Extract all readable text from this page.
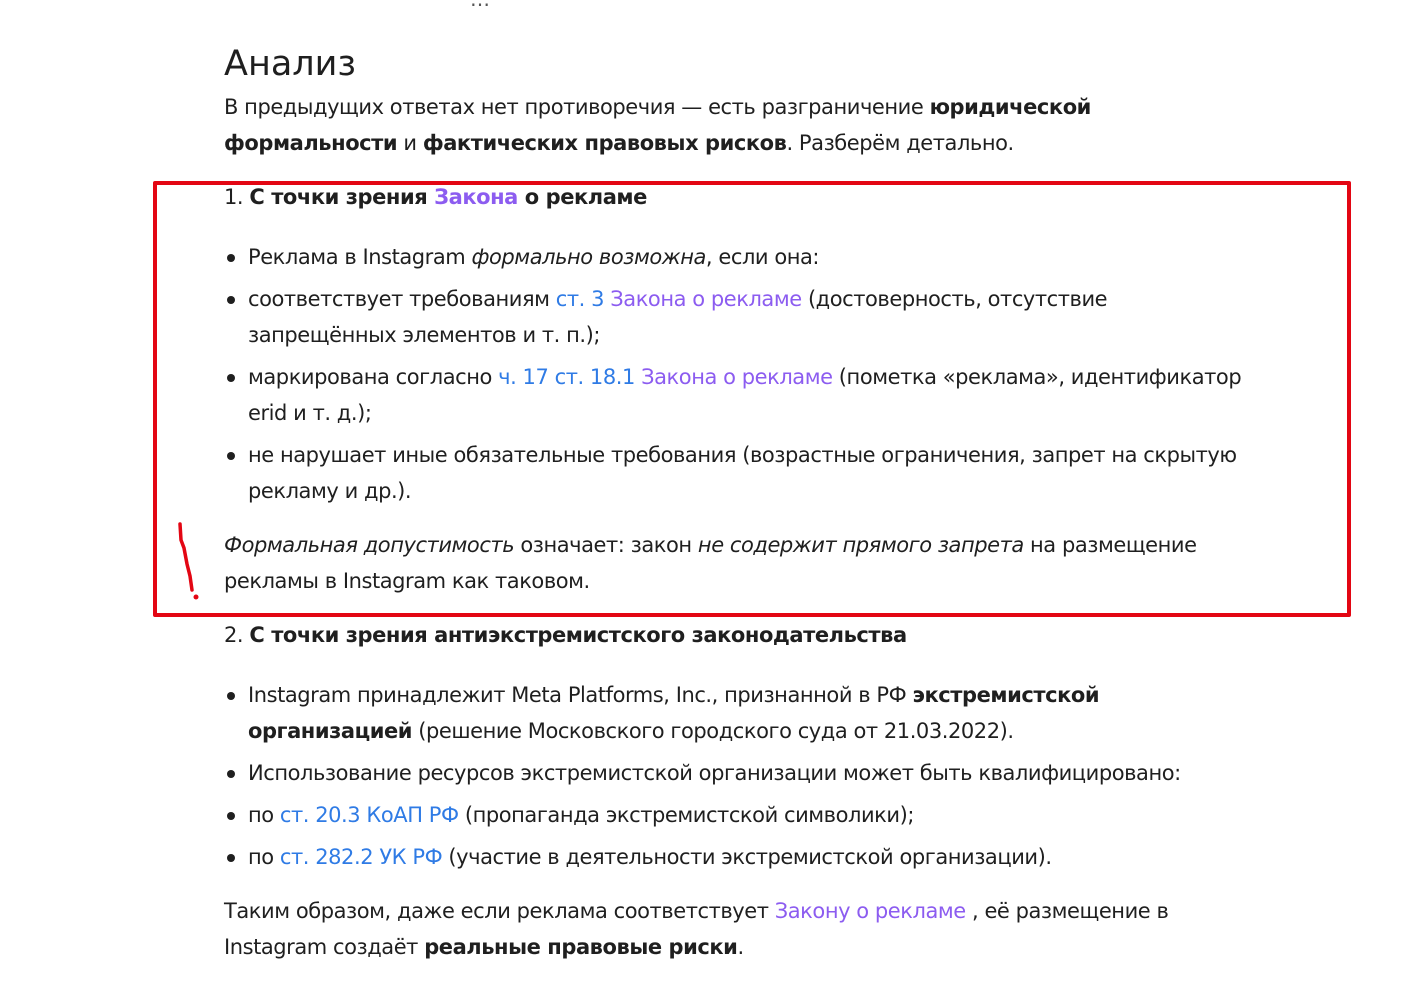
Анализ
В предыдущих ответах нет противоречия — есть разграничение юридической
формальности и фактических правовых рисков. Разберём детально.
1. С точки зрения Закона о рекламе
Реклама в Instagram формально возможна, если она:
соответствует требованиям ст. 3 Закона о рекламе (достоверность, отсутствие
запрещённых элементов и т. п.);
маркирована согласно ч. 17 ст. 18.1 Закона о рекламе (пометка «реклама», идентификатор
erid и т. д.);
не нарушает иные обязательные требования (возрастные ограничения, запрет на скрытую
рекламу и др.).
Формальная допустимость означает: закон не содержит прямого запрета на размещение
рекламы в Instagram как таковом.
2. С точки зрения антиэкстремистского законодательства
Instagram принадлежит Meta Platforms, Inc., признанной в РФ экстремистской
организацией (решение Московского городского суда от 21.03.2022).
Использование ресурсов экстремистской организации может быть квалифицировано:
по ст. 20.3 КоАП РФ (пропаганда экстремистской символики);
по ст. 282.2 УК РФ (участие в деятельности экстремистской организации).
Таким образом, даже если реклама соответствует Закону о рекламе , её размещение в
Instagram создаёт реальные правовые риски.
